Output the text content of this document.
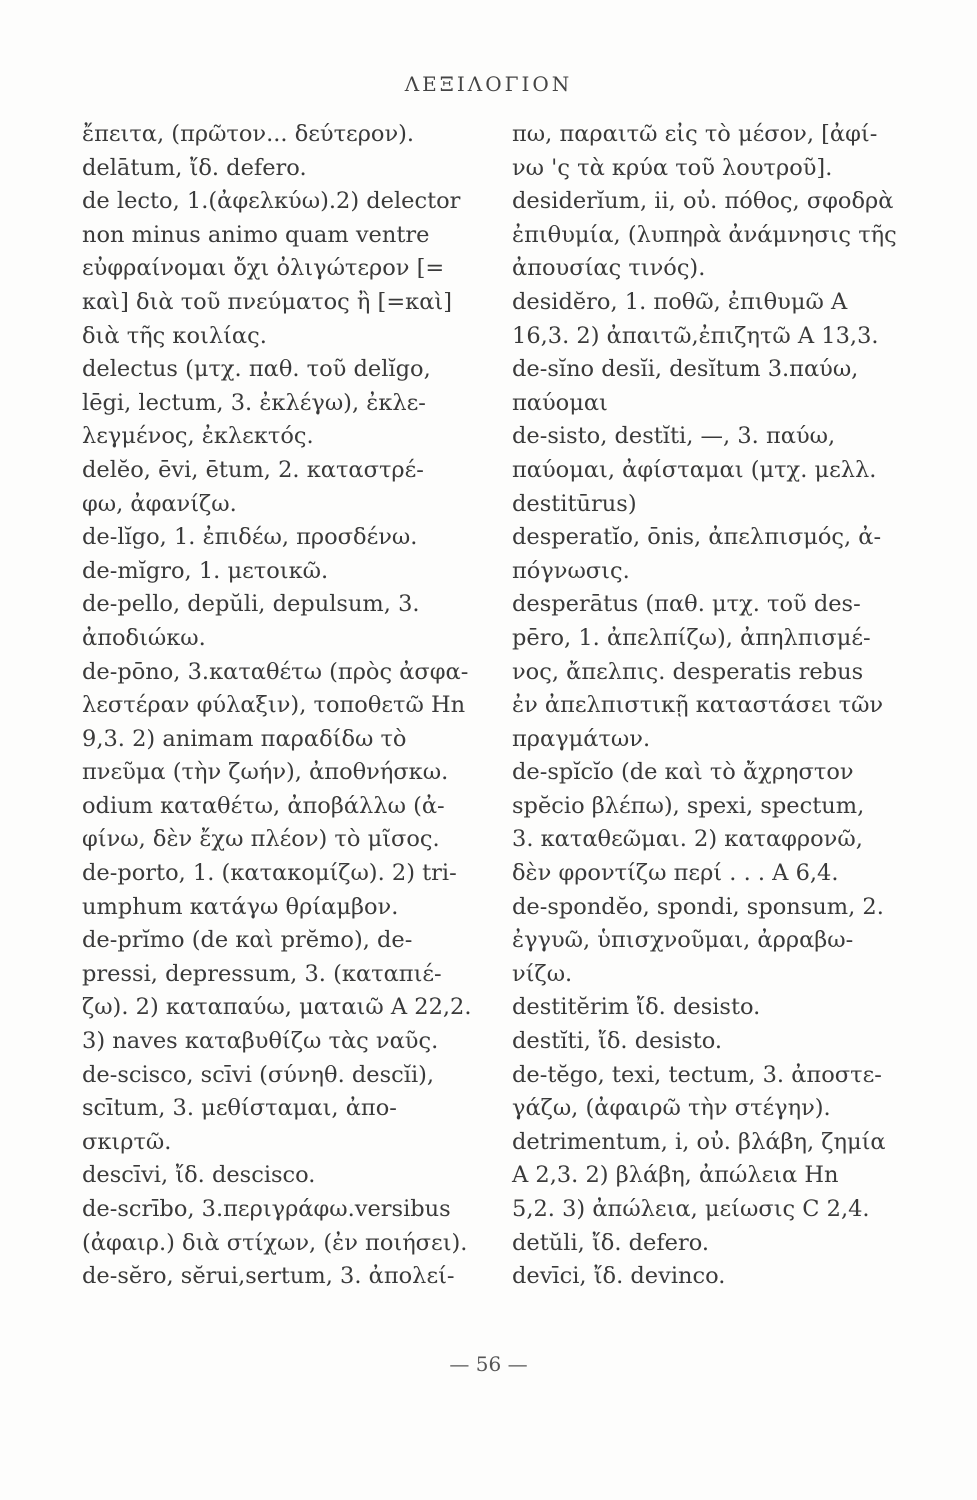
ΛΕΞΙΛΟΓΙΟΝ
ἔπειτα, (πρῶτον... δεύτερον).
delātum, ἴδ. defero.
de lecto, 1.(ἀφελκύω).2) delector
non minus animo quam ventre
εὐφραίνομαι ὄχι ὀλιγώτερον [=
καὶ] διὰ τοῦ πνεύματος ἢ [=καὶ]
διὰ τῆς κοιλίας.
delectus (μτχ. παθ. τοῦ delĭgo,
lēgi, lectum, 3. ἐκλέγω), ἐκλε-
λεγμένος, ἐκλεκτός.
delĕo, ēvi, ētum, 2. καταστρέ-
φω, ἀφανίζω.
de-lĭgo, 1. ἐπιδέω, προσδένω.
de-mĭgro, 1. μετοικῶ.
de-pello, depŭli, depulsum, 3.
ἀποδιώκω.
de-pōno, 3.καταθέτω (πρὸς ἀσφα-
λεστέραν φύλαξιν), τοποθετῶ Hn
9,3. 2) animam παραδίδω τὸ
πνεῦμα (τὴν ζωήν), ἀποθνήσκω.
odium καταθέτω, ἀποβάλλω (ἀ-
φίνω, δὲν ἔχω πλέον) τὸ μῖσος.
de-porto, 1. (κατακομίζω). 2) tri-
umphum κατάγω θρίαμβον.
de-prĭmo (de καὶ prĕmo), de-
pressi, depressum, 3. (καταπιέ-
ζω). 2) καταπαύω, ματαιῶ A 22,2.
3) naves καταβυθίζω τὰς ναῦς.
de-scisco, scīvi (σύνηθ. descĭi),
scītum, 3. μεθίσταμαι, ἀπο-
σκιρτῶ.
descīvi, ἴδ. descisco.
de-scrībo, 3.περιγράφω.versibus
(ἀφαιρ.) διὰ στίχων, (ἐν ποιήσει).
de-sĕro, sĕrui,sertum, 3. ἀπολεί-
πω, παραιτῶ εἰς τὸ μέσον, [ἀφί-
νω 'ς τὰ κρύα τοῦ λουτροῦ].
desiderĭum, ii, οὐ. πόθος, σφοδρὰ
ἐπιθυμία, (λυπηρὰ ἀνάμνησις τῆς
ἀπουσίας τινός).
desidĕro, 1. ποθῶ, ἐπιθυμῶ A
16,3. 2) ἀπαιτῶ,ἐπιζητῶ A 13,3.
de-sĭno desĭi, desĭtum 3.παύω,
παύομαι
de-sisto, destĭti, —, 3. παύω,
παύομαι, ἀφίσταμαι (μτχ. μελλ.
destitūrus)
desperatĭo, ōnis, ἀπελπισμός, ἀ-
πόγνωσις.
desperātus (παθ. μτχ. τοῦ des-
pēro, 1. ἀπελπίζω), ἀπηλπισμέ-
νος, ἄπελπις. desperatis rebus
ἐν ἀπελπιστικῇ καταστάσει τῶν
πραγμάτων.
de-spĭcĭo (de καὶ τὸ ἄχρηστον
spĕcio βλέπω), spexi, spectum,
3. καταθεῶμαι. 2) καταφρονῶ,
δὲν φροντίζω περί . . . A 6,4.
de-spondĕo, spondi, sponsum, 2.
ἐγγυῶ, ὑπισχνοῦμαι, ἀρραβω-
νίζω.
destitĕrim ἴδ. desisto.
destĭti, ἴδ. desisto.
de-tĕgo, texi, tectum, 3. ἀποστε-
γάζω, (ἀφαιρῶ τὴν στέγην).
detrimentum, i, οὐ. βλάβη, ζημία
A 2,3. 2) βλάβη, ἀπώλεια Hn
5,2. 3) ἀπώλεια, μείωσις C 2,4.
detŭli, ἴδ. defero.
devīci, ἴδ. devinco.
— 56 —
